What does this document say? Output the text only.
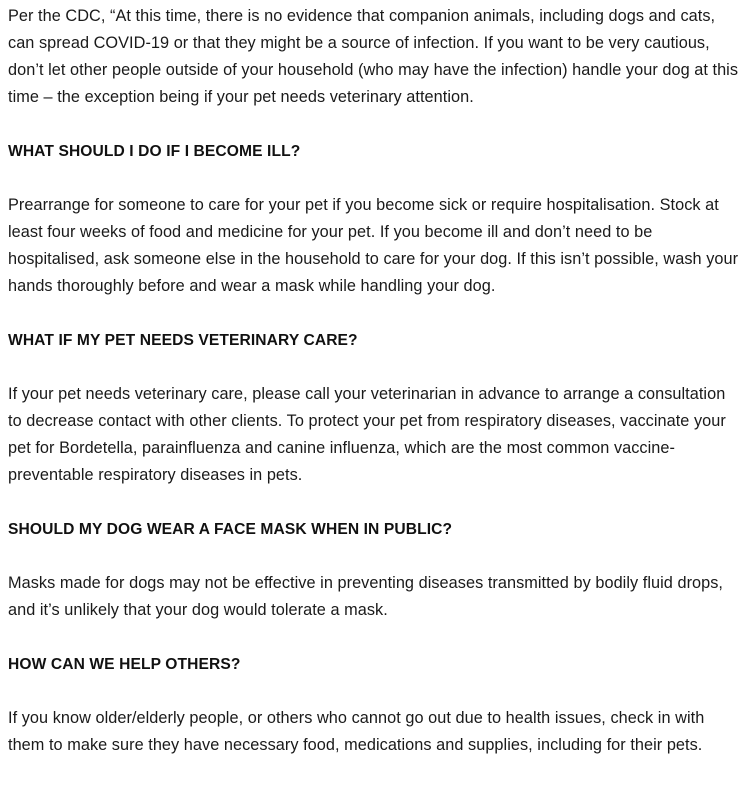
Per the CDC, “At this time, there is no evidence that companion animals, including dogs and cats, can spread COVID-19 or that they might be a source of infection. If you want to be very cautious, don’t let other people outside of your household (who may have the infection) handle your dog at this time – the exception being if your pet needs veterinary attention.

WHAT SHOULD I DO IF I BECOME ILL?

Prearrange for someone to care for your pet if you become sick or require hospitalisation. Stock at least four weeks of food and medicine for your pet. If you become ill and don’t need to be hospitalised, ask someone else in the household to care for your dog. If this isn’t possible, wash your hands thoroughly before and wear a mask while handling your dog.

WHAT IF MY PET NEEDS VETERINARY CARE?

If your pet needs veterinary care, please call your veterinarian in advance to arrange a consultation to decrease contact with other clients. To protect your pet from respiratory diseases, vaccinate your pet for Bordetella, parainfluenza and canine influenza, which are the most common vaccine-preventable respiratory diseases in pets.

SHOULD MY DOG WEAR A FACE MASK WHEN IN PUBLIC?

Masks made for dogs may not be effective in preventing diseases transmitted by bodily fluid drops, and it’s unlikely that your dog would tolerate a mask.

HOW CAN WE HELP OTHERS?

If you know older/elderly people, or others who cannot go out due to health issues, check in with them to make sure they have necessary food, medications and supplies, including for their pets.
